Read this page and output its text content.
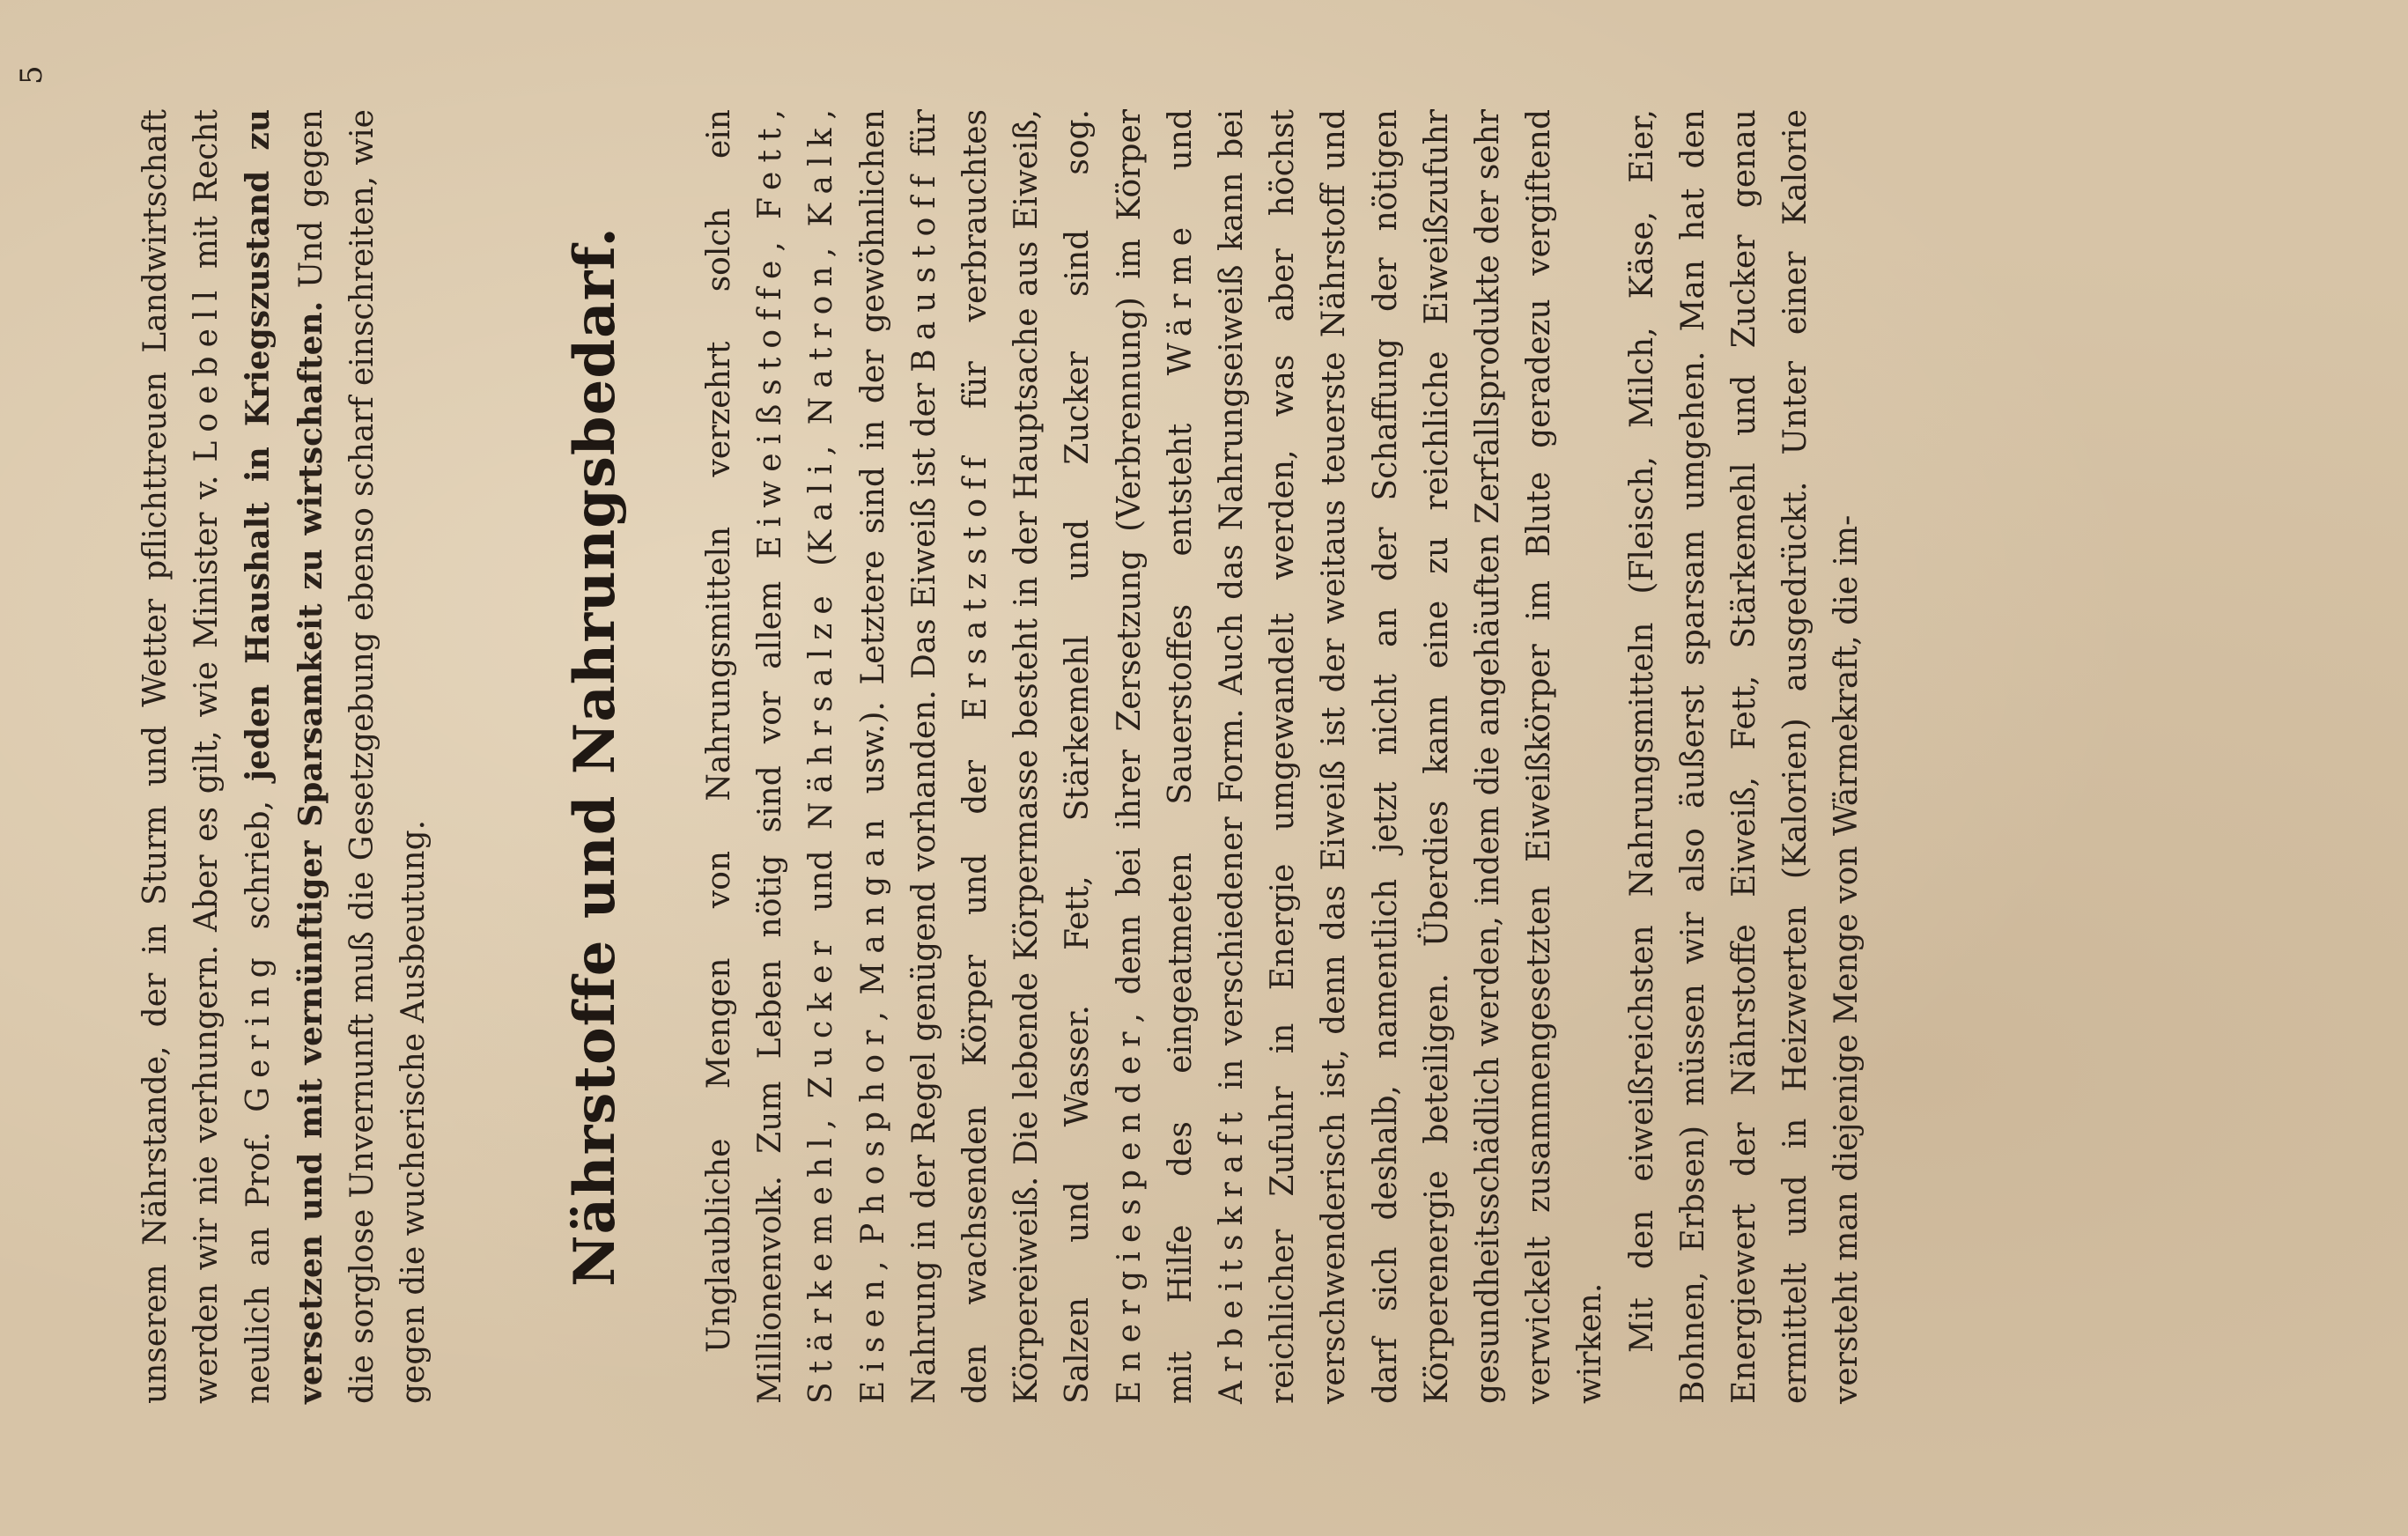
5

unserem Nährstande, der in Sturm und Wetter pflichttreuen Landwirtschaft werden wir nie verhungern. Aber es gilt, wie Minister v. Loebell mit Recht neulich an Prof. Gering schrieb, jeden Haushalt in Kriegszustand zu versetzen und mit vernünftiger Sparsamkeit zu wirtschaften. Und gegen die sorglose Unvernunft muß die Gesetzgebung ebenso scharf einschreiten, wie gegen die wucherische Ausbeutung. Nährstoffe und Nahrungsbedarf. Unglaubliche Mengen von Nahrungsmitteln verzehrt solch ein Millionenvolk. Zum Leben nötig sind vor allem Eiweißstoffe, Fett, Stärkemehl, Zucker und Nährsalze (Kali, Natron, Kalk, Eisen, Phosphor, Mangan usw.). Letztere sind in der gewöhnlichen Nahrung in der Regel genügend vorhanden. Das Eiweiß ist der Baustoff für den wachsenden Körper und der Ersatzstoff für verbrauchtes Körpereiweiß. Die lebende Körpermasse besteht in der Hauptsache aus Eiweiß, Salzen und Wasser. Fett, Stärkemehl und Zucker sind sog. Energiespender, denn bei ihrer Zersetzung (Verbrennung) im Körper mit Hilfe des eingeatmeten Sauerstoffes entsteht Wärme und Arbeitskraft in verschiedener Form. Auch das Nahrungseiweiß kann bei reichlicher Zufuhr in Energie umgewandelt werden, was aber höchst verschwenderisch ist, denn das Eiweiß ist der weitaus teuerste Nährstoff und darf sich deshalb, namentlich jetzt nicht an der Schaffung der nötigen Körperenergie beteiligen. Überdies kann eine zu reichliche Eiweißzufuhr gesundheitsschädlich werden, indem die angehäuften Zerfallsprodukte der sehr verwickelt zusammengesetzten Eiweißkörper im Blute geradezu vergiftend wirken. Mit den eiweißreichsten Nahrungsmitteln (Fleisch, Milch, Käse, Eier, Bohnen, Erbsen) müssen wir also äußerst sparsam umgehen. Man hat den Energiewert der Nährstoffe Eiweiß, Fett, Stärkemehl und Zucker genau ermittelt und in Heizwerten (Kalorien) ausgedrückt. Unter einer Kalorie versteht man diejenige Menge von Wärmekraft, die im-
